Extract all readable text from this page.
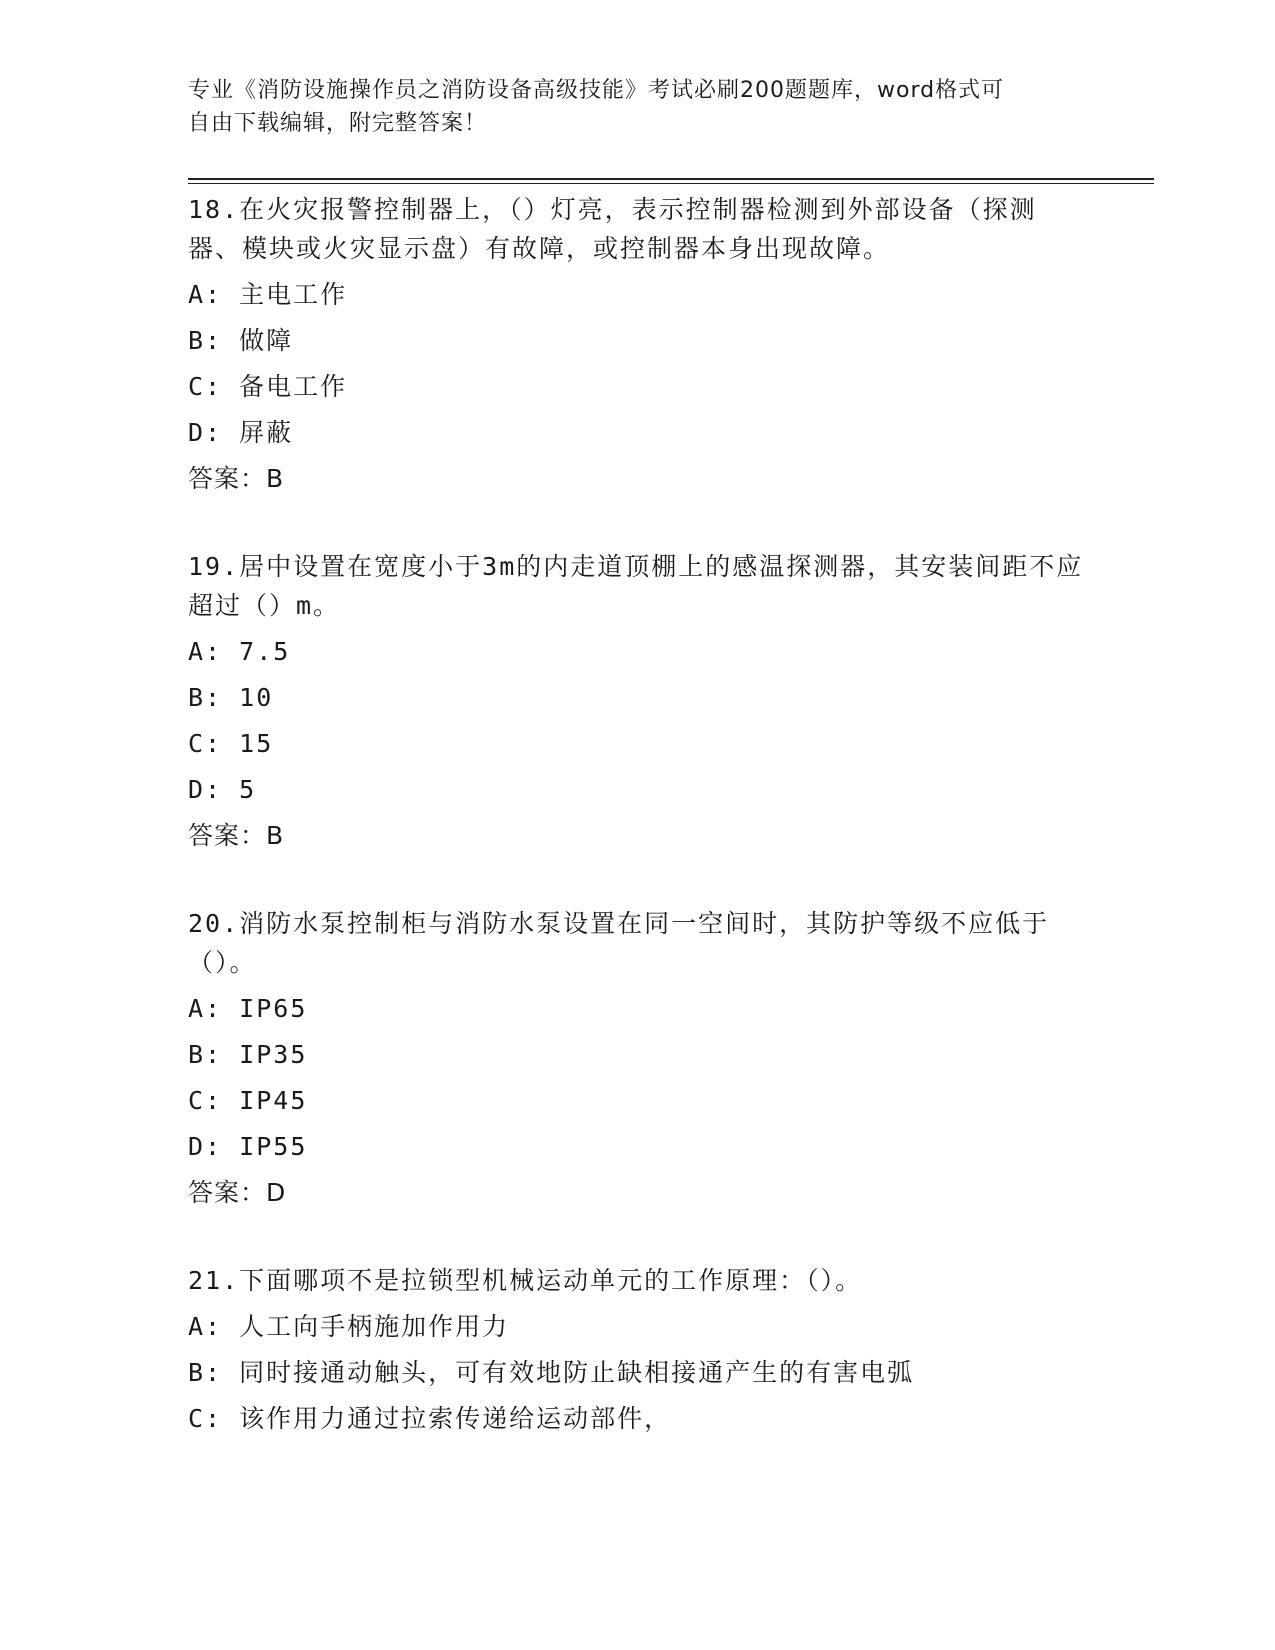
专业《消防设施操作员之消防设备高级技能》考试必刷200题题库，word格式可
自由下载编辑，附完整答案！
18.在火灾报警控制器上，（）灯亮，表示控制器检测到外部设备（探测器、模块或火灾显示盘）有故障，或控制器本身出现故障。
A: 主电工作
B: 做障
C: 备电工作
D: 屏蔽
答案：B
19.居中设置在宽度小于3m的内走道顶棚上的感温探测器，其安装间距不应超过（）m。
A: 7.5
B: 10
C: 15
D: 5
答案：B
20.消防水泵控制柜与消防水泵设置在同一空间时，其防护等级不应低于（）。
A: IP65
B: IP35
C: IP45
D: IP55
答案：D
21.下面哪项不是拉锁型机械运动单元的工作原理：（）。
A: 人工向手柄施加作用力
B: 同时接通动触头，可有效地防止缺相接通产生的有害电弧
C: 该作用力通过拉索传递给运动部件，
